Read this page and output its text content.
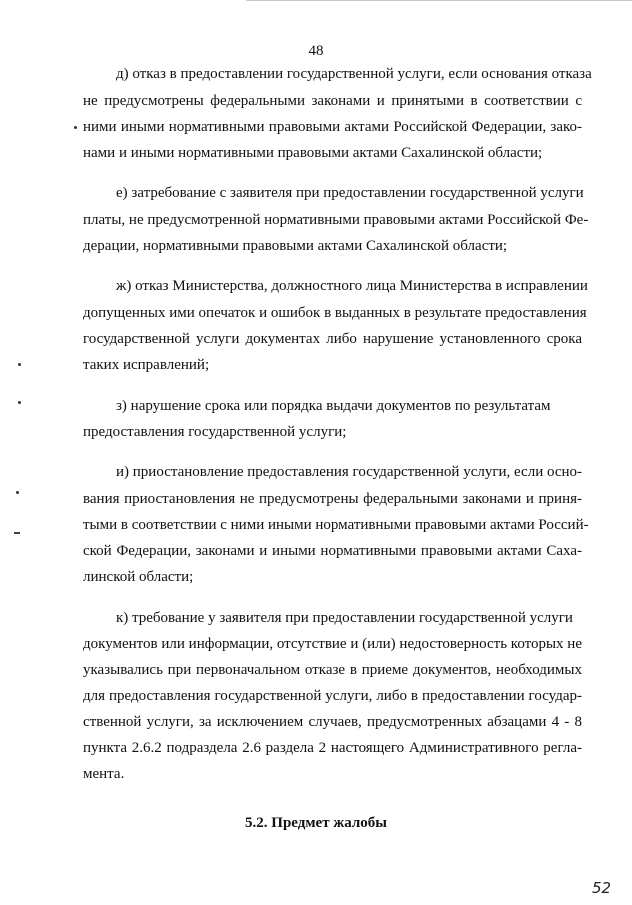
48
д) отказ в предоставлении государственной услуги, если основания отказа
не предусмотрены федеральными законами и принятыми в соответствии с
ними иными нормативными правовыми актами Российской Федерации, зако-
нами и иными нормативными правовыми актами Сахалинской области;
е) затребование с заявителя при предоставлении государственной услуги
платы, не предусмотренной нормативными правовыми актами Российской Фе-
дерации, нормативными правовыми актами Сахалинской области;
ж) отказ Министерства, должностного лица Министерства в исправлении
допущенных ими опечаток и ошибок в выданных в результате предоставления
государственной услуги документах либо нарушение установленного срока
таких исправлений;
з) нарушение срока или порядка выдачи документов по результатам
предоставления государственной услуги;
и) приостановление предоставления государственной услуги, если осно-
вания приостановления не предусмотрены федеральными законами и приня-
тыми в соответствии с ними иными нормативными правовыми актами Россий-
ской Федерации, законами и иными нормативными правовыми актами Саха-
линской области;
к) требование у заявителя при предоставлении государственной услуги
документов или информации, отсутствие и (или) недостоверность которых не
указывались при первоначальном отказе в приеме документов, необходимых
для предоставления государственной услуги, либо в предоставлении государ-
ственной услуги, за исключением случаев, предусмотренных абзацами 4 - 8
пункта 2.6.2 подраздела 2.6 раздела 2 настоящего Административного регла-
мента.
5.2. Предмет жалобы
52
